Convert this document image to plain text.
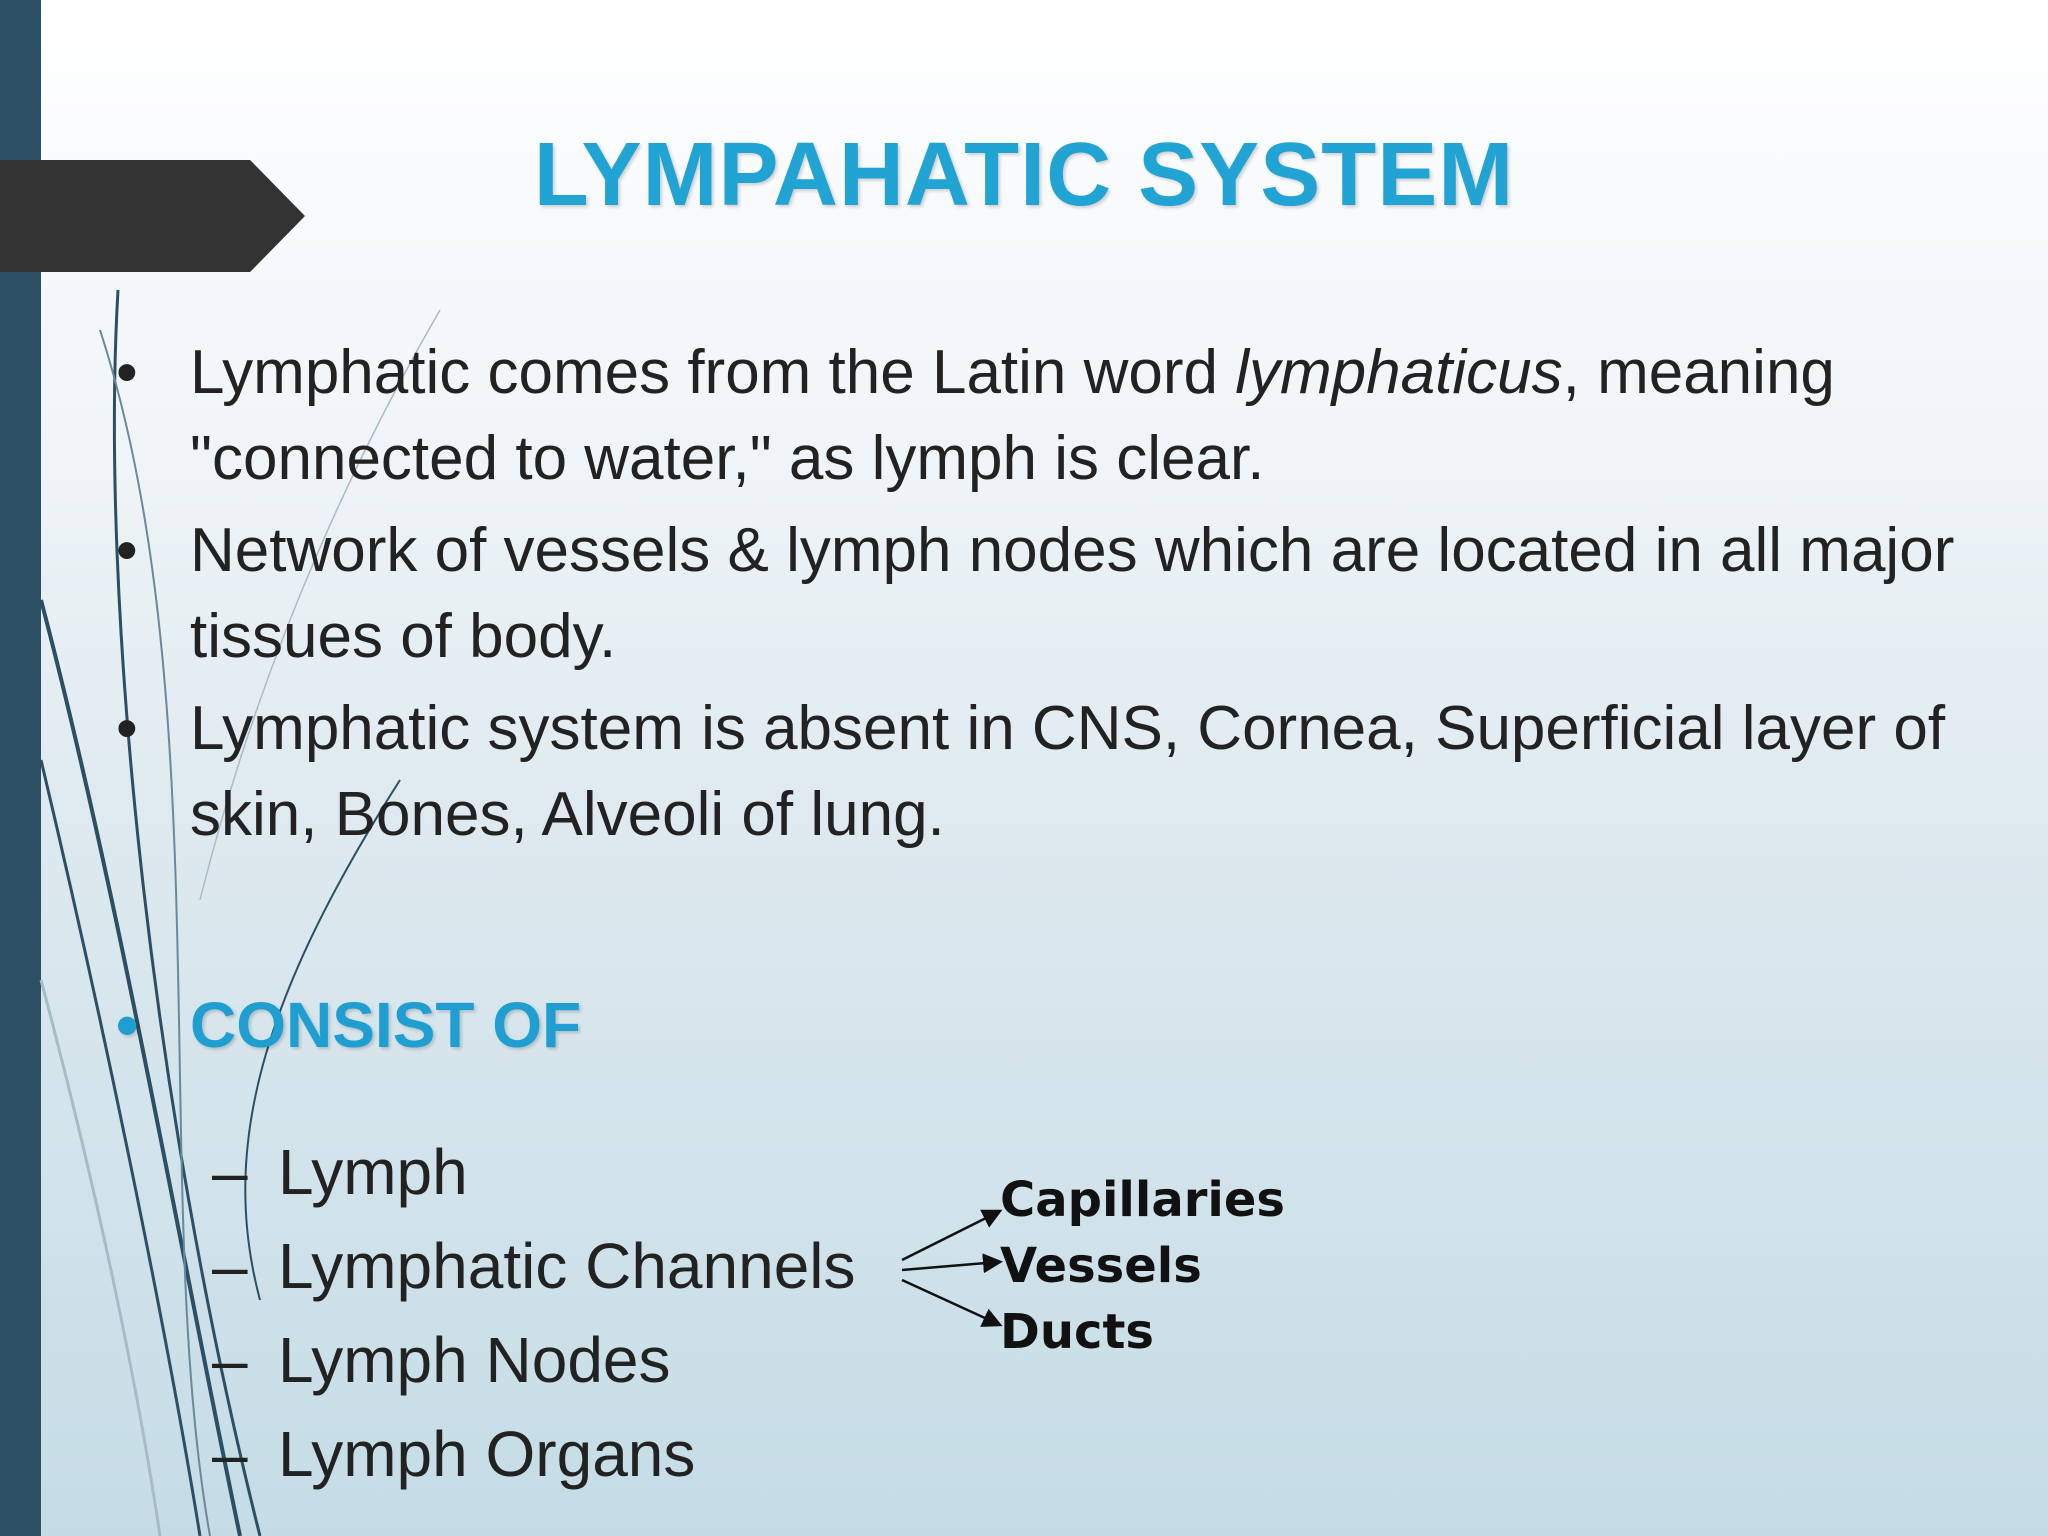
LYMPAHATIC SYSTEM
• Lymphatic comes from the Latin word lymphaticus, meaning "connected to water," as lymph is clear.
• Network of vessels & lymph nodes which are located in all major tissues of body.
• Lymphatic system is absent in CNS, Cornea, Superficial layer of skin, Bones, Alveoli of lung.
• CONSIST OF
– Lymph
– Lymphatic Channels
– Lymph Nodes
– Lymph Organs
Capillaries
Vessels
Ducts
